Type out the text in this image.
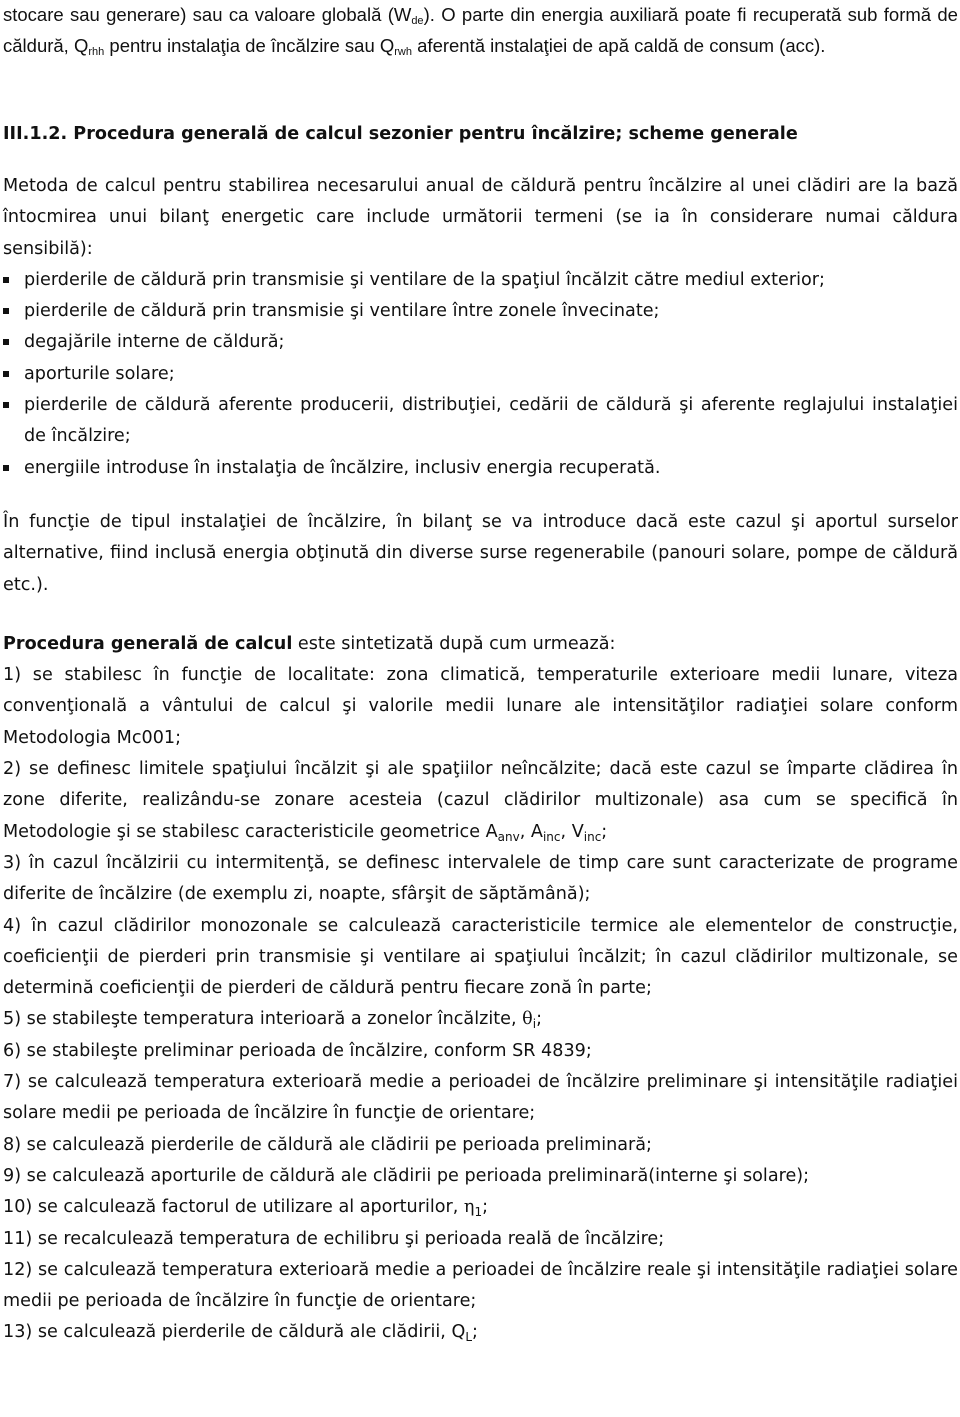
stocare sau generare) sau ca valoare globală $(W_{de})$. O parte din energia auxiliară poate fi recuperată sub formă de căldură, $Q_{rhh}$ pentru instalaţia de încălzire sau $Q_{rwh}$ aferentă instalaţiei de apă caldă de consum (acc).

III.1.2. Procedura generală de calcul sezonier pentru încălzire; scheme generale

Metoda de calcul pentru stabilirea necesarului anual de căldură pentru încălzire al unei clădiri are la bază întocmirea unui bilanţ energetic care include următorii termeni (se ia în considerare numai căldura sensibilă):

pierderile de căldură prin transmisie şi ventilare de la spaţiul încălzit către mediul exterior;
pierderile de căldură prin transmisie şi ventilare între zonele învecinate;
degajările interne de căldură;
aporturile solare;
pierderile de căldură aferente producerii, distribuţiei, cedării de căldură şi aferente reglajului instalaţiei de încălzire;
energiile introduse în instalaţia de încălzire, inclusiv energia recuperată.

În funcţie de tipul instalaţiei de încălzire, în bilanţ se va introduce dacă este cazul şi aportul surselor alternative, fiind inclusă energia obţinută din diverse surse regenerabile (panouri solare, pompe de căldură etc.).

Procedura generală de calcul este sintetizată după cum urmează:

1) se stabilesc în funcţie de localitate: zona climatică, temperaturile exterioare medii lunare, viteza convenţională a vântului de calcul şi valorile medii lunare ale intensităţilor radiaţiei solare conform Metodologia Mc001;

2) se definesc limitele spaţiului încălzit şi ale spaţiilor neîncălzite; dacă este cazul se împarte clădirea în zone diferite, realizându-se zonare acesteia (cazul clădirilor multizonale) asa cum se specifică în Metodologie şi se stabilesc caracteristicile geometrice $A_{anv}$, $A_{inc}$, $V_{inc}$;

3) în cazul încălzirii cu intermitenţă, se definesc intervalele de timp care sunt caracterizate de programe diferite de încălzire (de exemplu zi, noapte, sfârşit de săptămână);

4) în cazul clădirilor monozonale se calculează caracteristicile termice ale elementelor de construcţie, coeficienţii de pierderi prin transmisie şi ventilare ai spaţiului încălzit; în cazul clădirilor multizonale, se determină coeficienţii de pierderi de căldură pentru fiecare zonă în parte;

5) se stabileşte temperatura interioară a zonelor încălzite, $\theta_i$;

6) se stabileşte preliminar perioada de încălzire, conform SR 4839;

7) se calculează temperatura exterioară medie a perioadei de încălzire preliminare şi intensităţile radiaţiei solare medii pe perioada de încălzire în funcţie de orientare;

8) se calculează pierderile de căldură ale clădirii pe perioada preliminară;

9) se calculează aporturile de căldură ale clădirii pe perioada preliminară(interne şi solare);

10) se calculează factorul de utilizare al aporturilor, $\eta_1$;

11) se recalculează temperatura de echilibru şi perioada reală de încălzire;

12) se calculează temperatura exterioară medie a perioadei de încălzire reale şi intensităţile radiaţiei solare medii pe perioada de încălzire în funcţie de orientare;

13) se calculează pierderile de căldură ale clădirii, $Q_L$;
